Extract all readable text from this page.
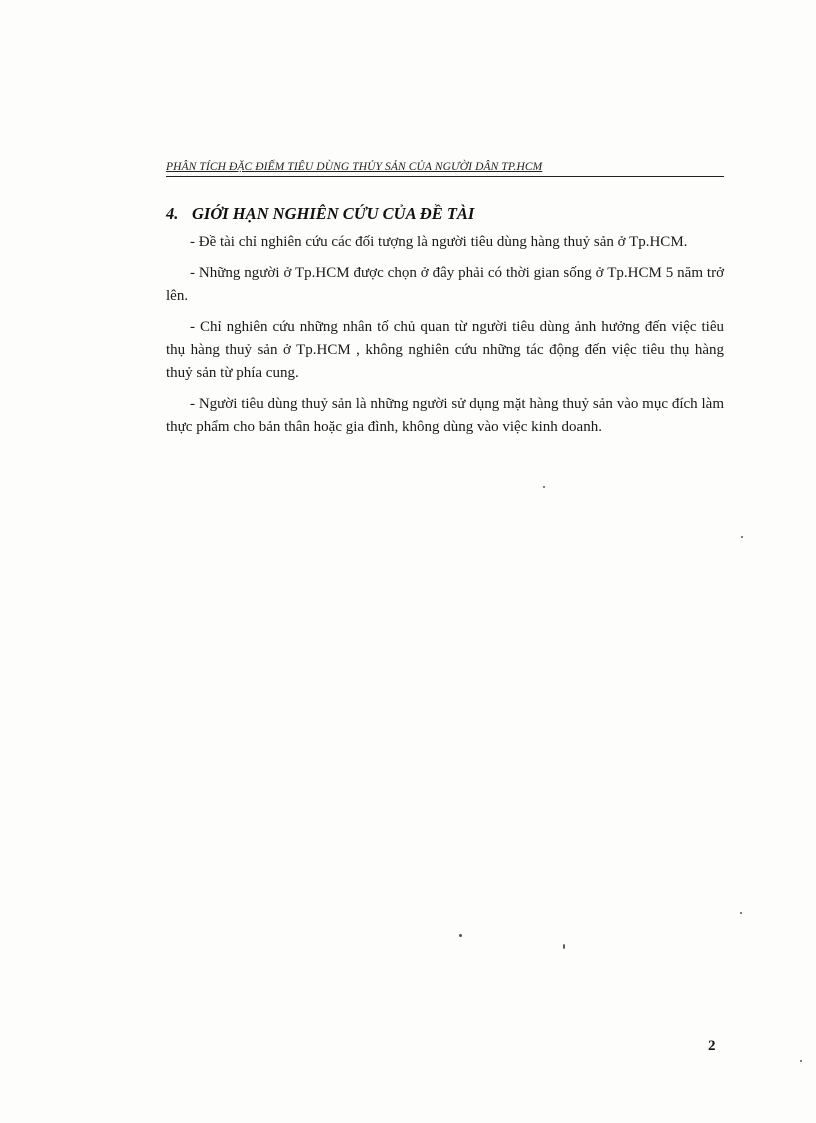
PHÂN TÍCH ĐẶC ĐIỂM TIÊU DÙNG THỦY SẢN CỦA NGƯỜI DÂN TP.HCM
4. GIỚI HẠN NGHIÊN CỨU CỦA ĐỀ TÀI

- Đề tài chỉ nghiên cứu các đối tượng là người tiêu dùng hàng thuỷ sản ở Tp.HCM.

- Những người ở Tp.HCM được chọn ở đây phải có thời gian sống ở Tp.HCM 5 năm trở lên.

- Chỉ nghiên cứu những nhân tố chủ quan từ người tiêu dùng ảnh hưởng đến việc tiêu thụ hàng thuỷ sản ở Tp.HCM , không nghiên cứu những tác động đến việc tiêu thụ hàng thuỷ sản từ phía cung.

- Người tiêu dùng thuỷ sản là những người sử dụng mặt hàng thuỷ sản vào mục đích làm thực phẩm cho bản thân hoặc gia đình, không dùng vào việc kinh doanh.

2
